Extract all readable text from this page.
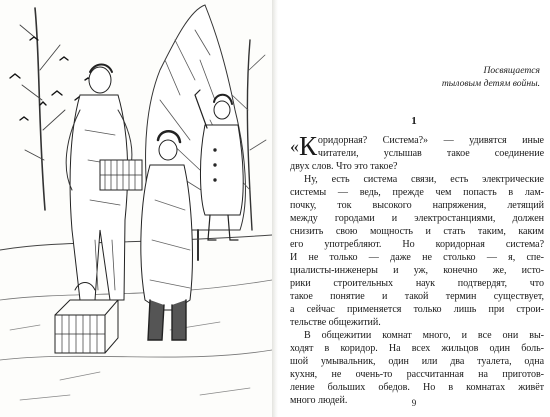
Посвящается
тыловым детям войны.
1
« К оридорная? Система?» — удивятся иные
читатели, услышав такое соединение
двух слов. Что это такое?
Ну, есть система связи, есть электрические
системы — ведь, прежде чем попасть в лам-
почку, ток высокого напряжения, летящий
между городами и электростанциями, должен
снизить свою мощность и стать таким, каким
его употребляют. Но коридорная система?
И не только — даже не столько — я, спе-
циалисты-инженеры и уж, конечно же, исто-
рики строительных наук подтвердят, что
такое понятие и такой термин существует,
а сейчас применяется только лишь при строи-
тельстве общежитий.
В общежитии комнат много, и все они вы-
ходят в коридор. На всех жильцов один боль-
шой умывальник, один или два туалета, одна
кухня, не очень-то рассчитанная на приготов-
ление больших обедов. Но в комнатах живёт
много людей.	9
